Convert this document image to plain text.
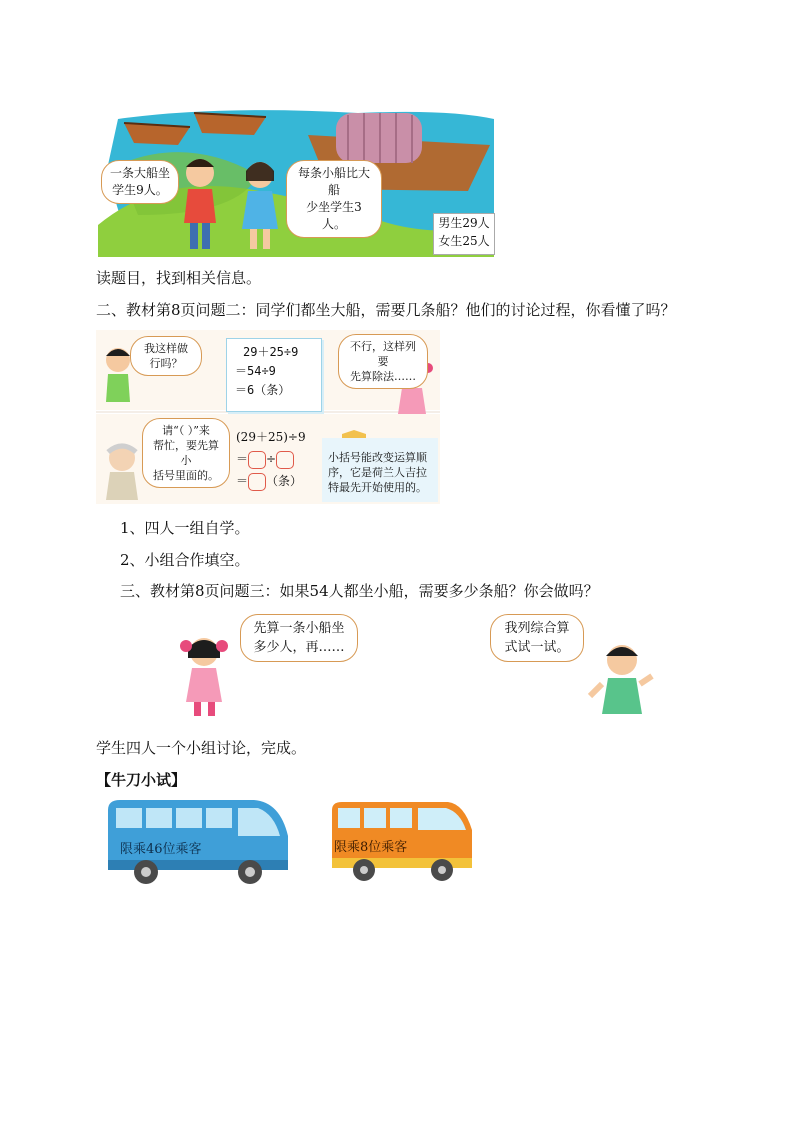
一条大船坐
学生9人。
每条小船比大船
少坐学生3人。	男生29人
女生25人
读题目，找到相关信息。
二、教材第8页问题二：同学们都坐大船，需要几条船？他们的讨论过程，你看懂了吗？
我这样做
行吗？
29＋25÷9
＝54÷9
＝6（条）
不行，这样列要
先算除法……
请“（ ）”来
帮忙，要先算小
括号里面的。
(29＋25)÷9
＝ ÷
＝ （条）
小括号能改变运算顺
序，它是荷兰人吉拉
特最先开始使用的。
1、四人一组自学。
2、小组合作填空。
三、教材第8页问题三：如果54人都坐小船，需要多少条船？你会做吗？
先算一条小船坐
多少人，再……
我列综合算
式试一试。
学生四人一个小组讨论，完成。
【牛刀小试】
限乘46位乘客	限乘8位乘客
